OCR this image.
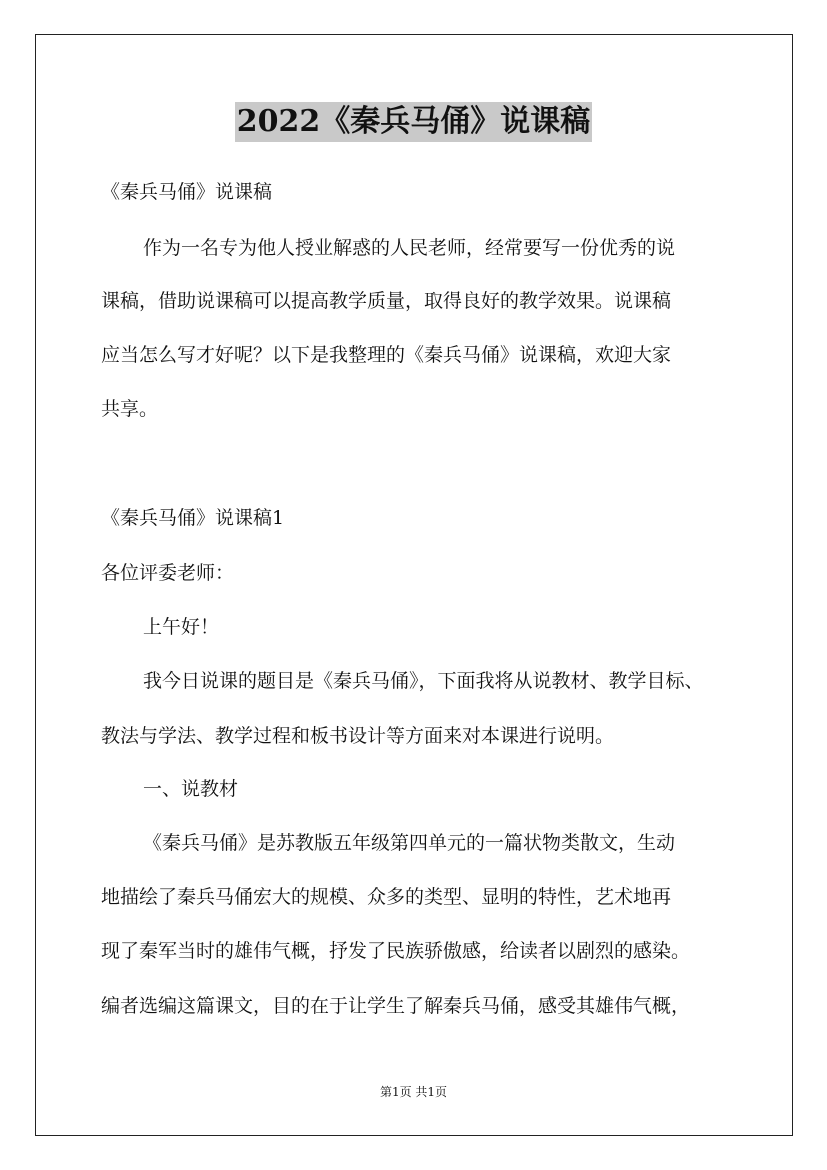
2022《秦兵马俑》说课稿
《秦兵马俑》说课稿
作为一名专为他人授业解惑的人民老师，经常要写一份优秀的说
课稿，借助说课稿可以提高教学质量，取得良好的教学效果。说课稿
应当怎么写才好呢？以下是我整理的《秦兵马俑》说课稿，欢迎大家
共享。
《秦兵马俑》说课稿1
各位评委老师：
上午好！
我今日说课的题目是《秦兵马俑》，下面我将从说教材、教学目标、
教法与学法、教学过程和板书设计等方面来对本课进行说明。
一、说教材
《秦兵马俑》是苏教版五年级第四单元的一篇状物类散文，生动
地描绘了秦兵马俑宏大的规模、众多的类型、显明的特性，艺术地再
现了秦军当时的雄伟气概，抒发了民族骄傲感，给读者以剧烈的感染。
编者选编这篇课文，目的在于让学生了解秦兵马俑，感受其雄伟气概，
第1页 共1页
